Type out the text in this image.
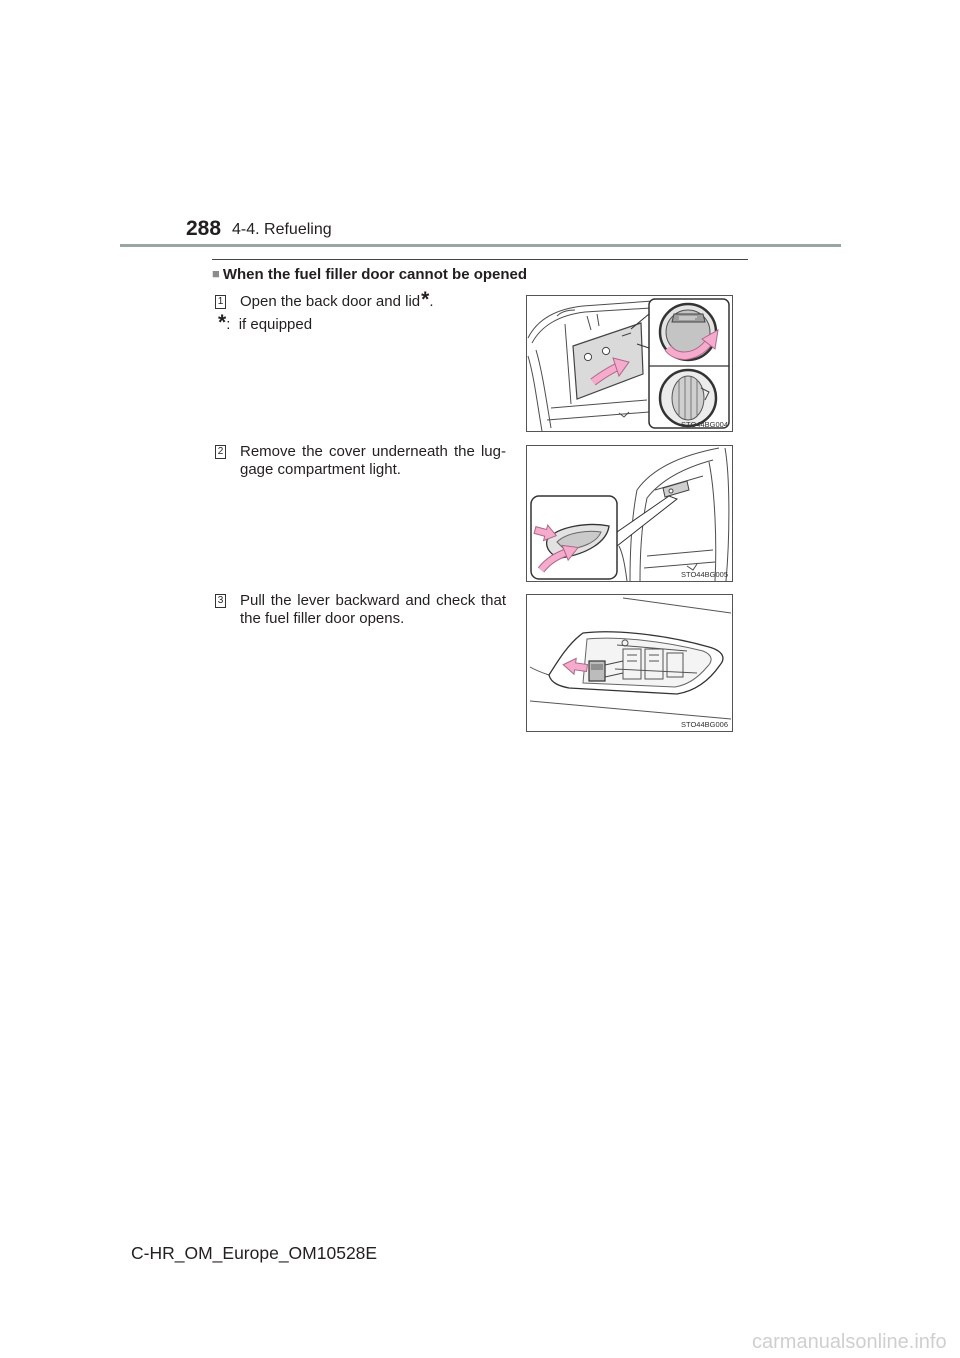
288 4-4. Refueling
■ When the fuel filler door cannot be opened
1 Open the back door and lid*.
*:  if equipped
STO44BG004
2 Remove the cover underneath the lug-
gage compartment light.
STO44BG005
3 Pull the lever backward and check that
the fuel filler door opens.
STO44BG006
C-HR_OM_Europe_OM10528E
carmanualsonline.info
